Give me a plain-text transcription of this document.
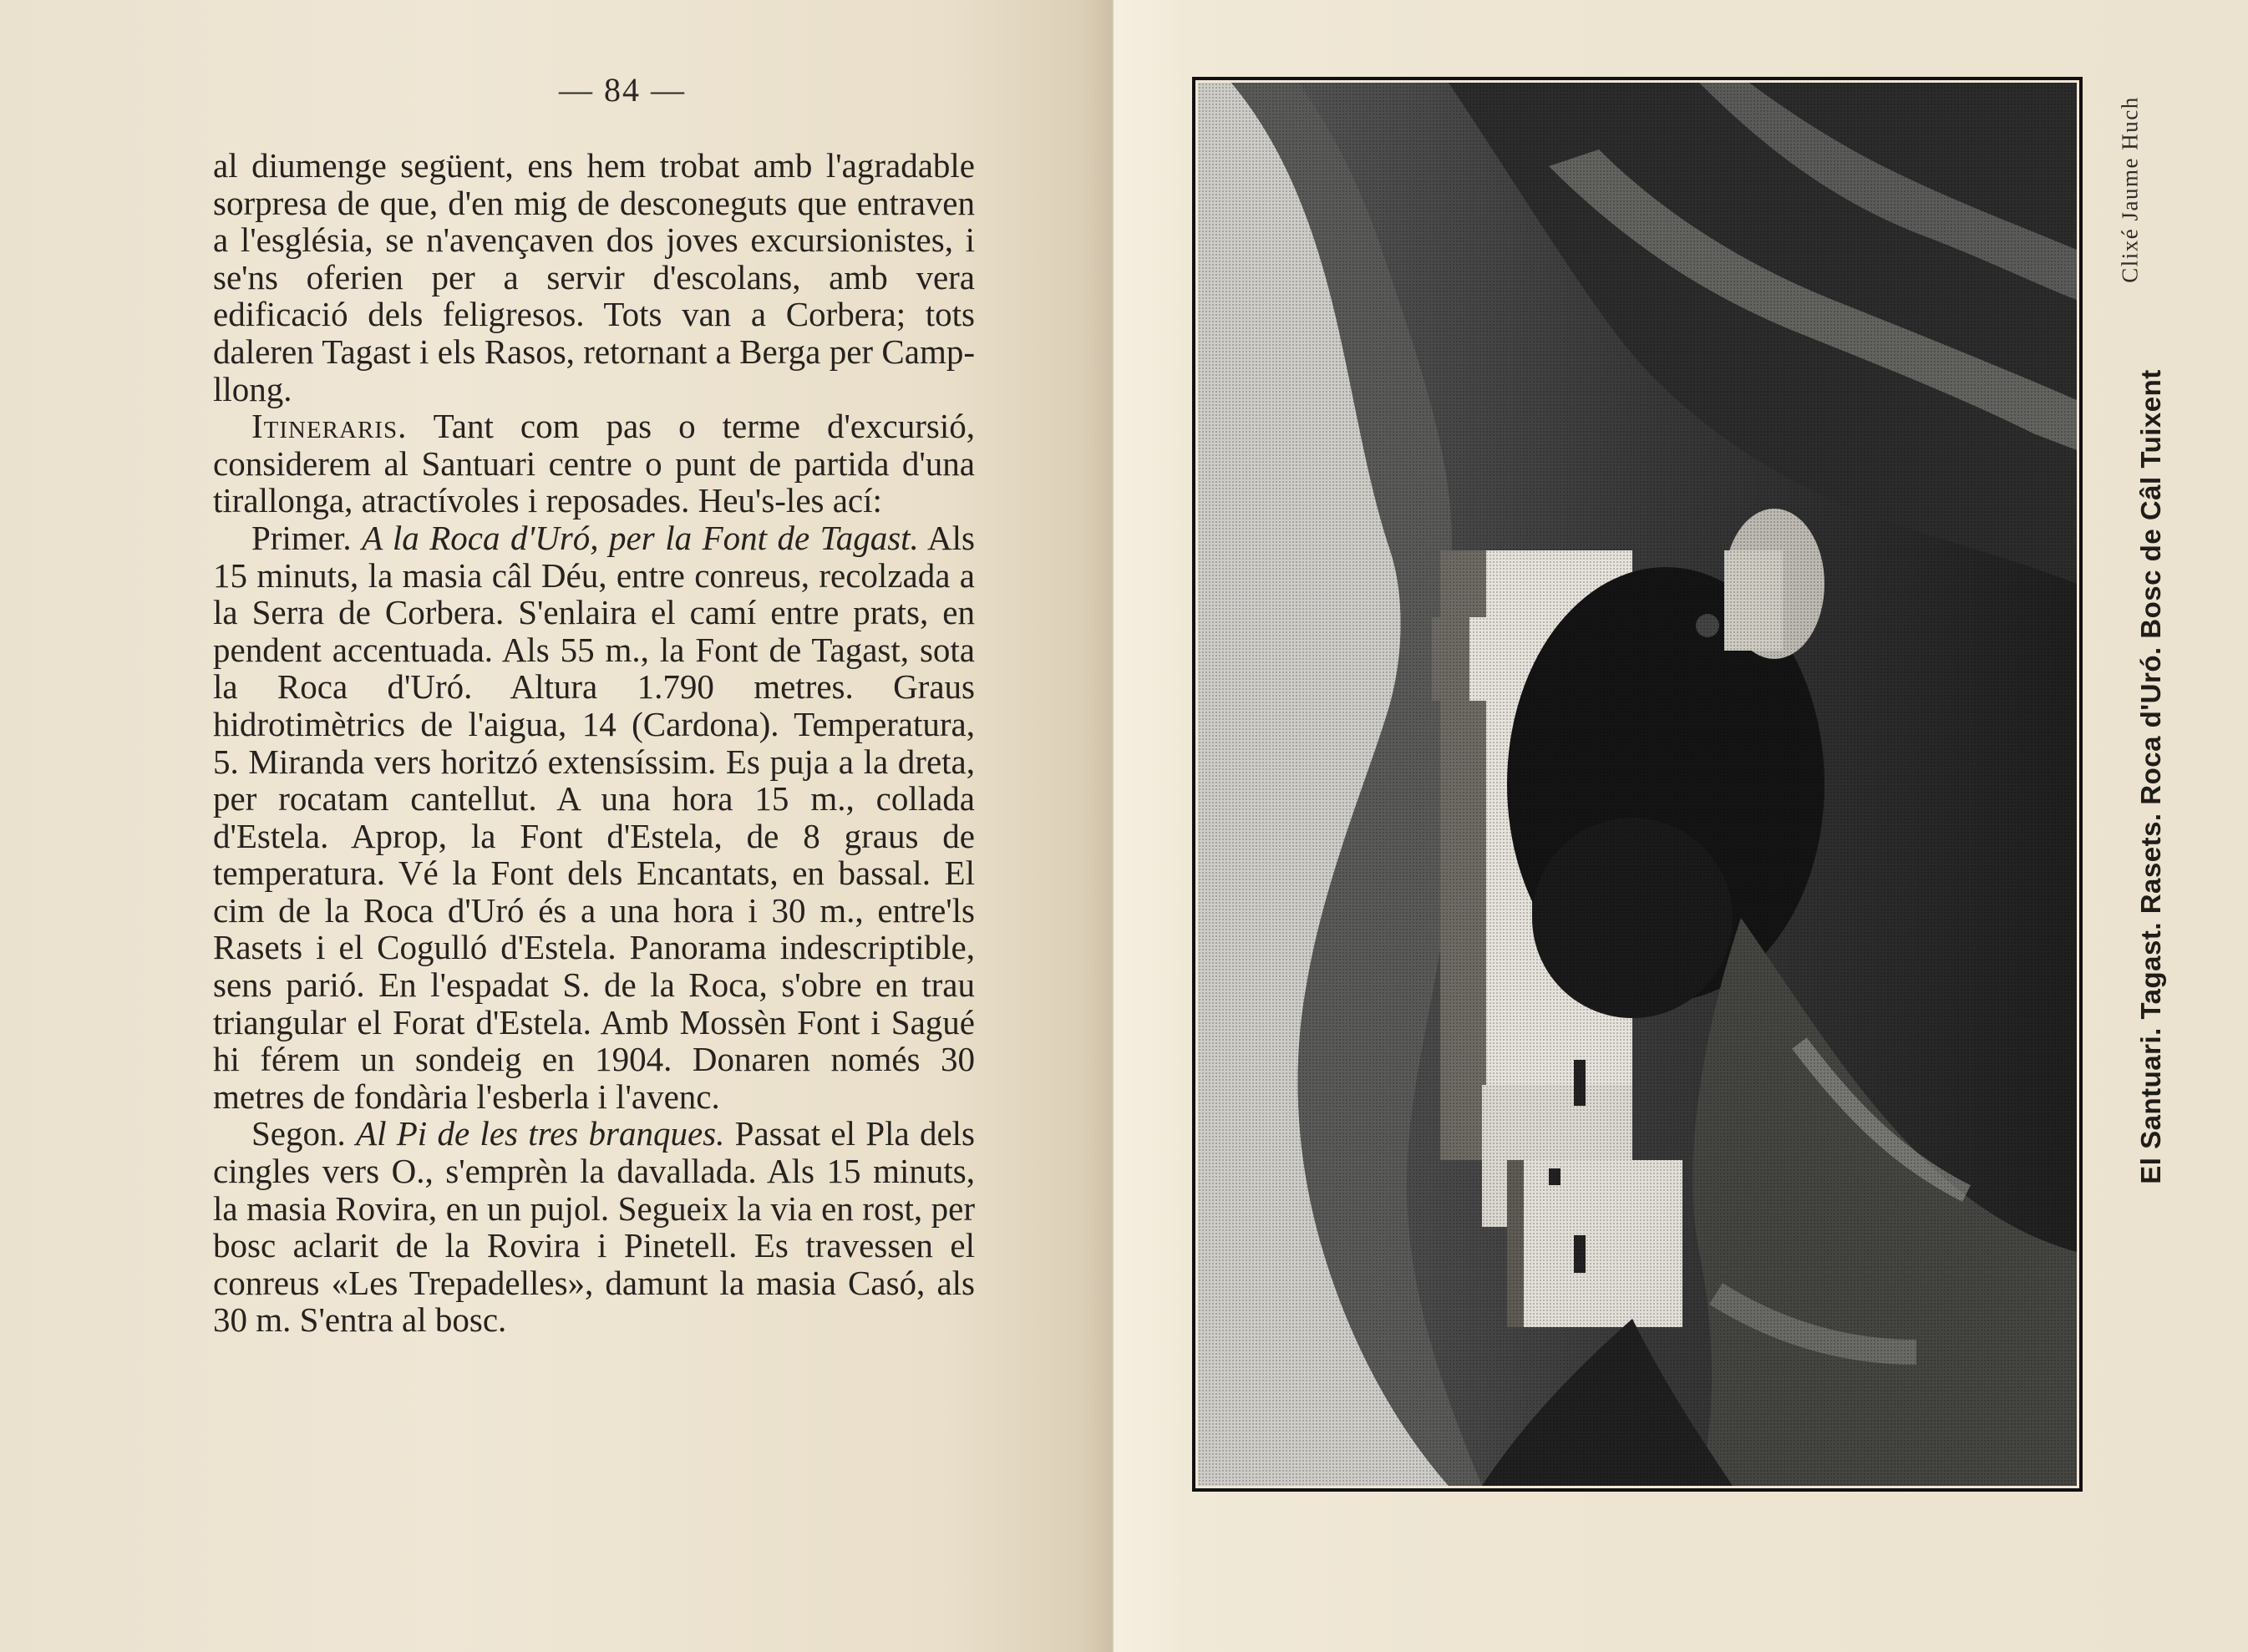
— 84 —

al diumenge següent, ens hem trobat amb l'agradable sorpresa de que, d'en mig de desconeguts que entraven a l'església, se n'avençaven dos joves excursionistes, i se'ns oferien per a servir d'escolans, amb vera edificació dels feligresos. Tots van a Corbera; tots daleren Tagast i els Rasos, retornant a Berga per Camp-llong.

Itineraris. Tant com pas o terme d'excursió, considerem al Santuari centre o punt de partida d'una tirallonga, atractívoles i reposades. Heu's-les ací:

Primer. A la Roca d'Uró, per la Font de Tagast. Als 15 minuts, la masia câl Déu, entre conreus, recolzada a la Serra de Corbera. S'enlaira el camí entre prats, en pendent accentuada. Als 55 m., la Font de Tagast, sota la Roca d'Uró. Altura 1.790 metres. Graus hidrotimètrics de l'aigua, 14 (Cardona). Temperatura, 5. Miranda vers horitzó extensíssim. Es puja a la dreta, per rocatam cantellut. A una hora 15 m., collada d'Estela. Aprop, la Font d'Estela, de 8 graus de temperatura. Vé la Font dels Encantats, en bassal. El cim de la Roca d'Uró és a una hora i 30 m., entre'ls Rasets i el Cogulló d'Estela. Panorama indescriptible, sens parió. En l'espadat S. de la Roca, s'obre en trau triangular el Forat d'Estela. Amb Mossèn Font i Sagué hi férem un sondeig en 1904. Donaren només 30 metres de fondària l'esberla i l'avenc.

Segon. Al Pi de les tres branques. Passat el Pla dels cingles vers O., s'emprèn la davallada. Als 15 minuts, la masia Rovira, en un pujol. Segueix la via en rost, per bosc aclarit de la Rovira i Pinetell. Es travessen el conreus «Les Trepadelles», damunt la masia Casó, als 30 m. S'entra al bosc.

Clixé Jaume Huch
El Santuari. Tagast. Rasets. Roca d'Uró. Bosc de Câl Tuixent
